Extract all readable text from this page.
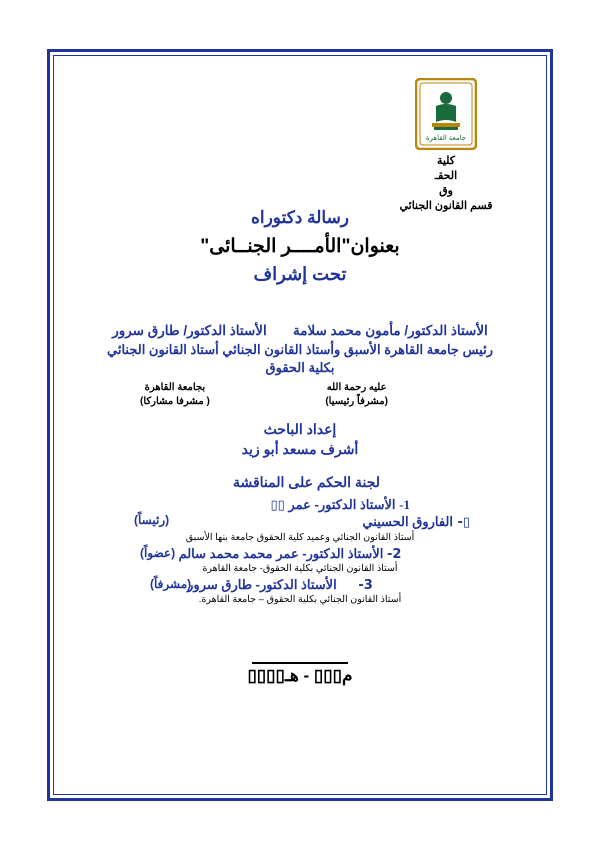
جامعة القاهرة
كلية
الحقـ
وق
قسم القانون الجنائي
رسالة دكتوراه
بعنوان"الأمــــر الجنــائى"
تحت إشراف
الأستاذ الدكتور/ مأمون محمد سلامة       الأستاذ الدكتور/ طارق سرور
رئيس جامعة القاهرة الأسبق وأستاذ القانون الجنائي أستاذ القانون الجنائي
بكلية الحقوق
عليه رحمة الله
(مشرفاً رئيسيا)
بجامعة القاهرة
( مشرفا مشاركا)
إعداد الباحث
أشرف مسعد أبو زيد
لجنة الحكم على المناقشة
1- الأستاذ الدكتور- عمر ▯▯
(رئيساً)	▯- الفاروق الحسيني
أستاذ القانون الجنائي وعميد كلية الحقوق جامعة بنها الأسبق
(عضواً)	2- الأستاذ الدكتور- عمر محمد محمد سالم
أستاذ القانون الجنائي بكلية الحقوق- جامعة القاهرة
(مشرفاً)	3-      الأستاذ الدكتور- طارق سرور
أستاذ القانون الجنائي بكلية الحقوق – جامعة القاهرة.
م▯▯▯ - هـ▯▯▯▯
